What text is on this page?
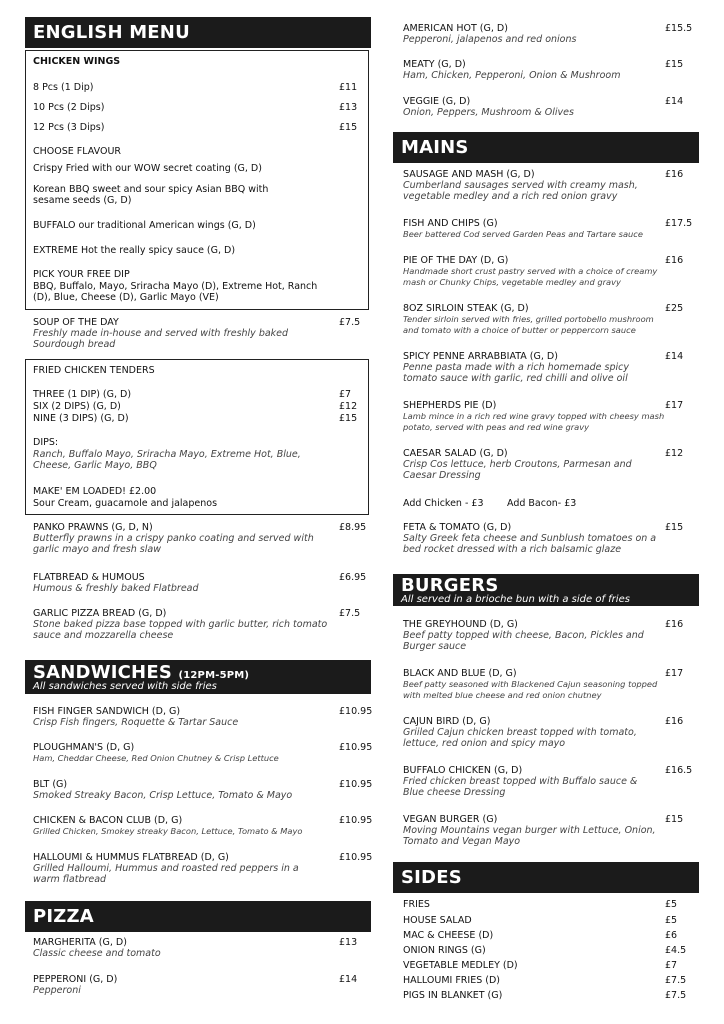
ENGLISH MENU
CHICKEN WINGS
8 Pcs (1 Dip)	£11
10 Pcs (2 Dips)	£13
12 Pcs (3 Dips)	£15
CHOOSE FLAVOUR
Crispy Fried with our WOW secret coating (G, D)
Korean BBQ sweet and sour spicy Asian BBQ with sesame seeds (G, D)
BUFFALO our traditional American wings (G, D)
EXTREME Hot the really spicy sauce (G, D)
PICK YOUR FREE DIP
BBQ, Buffalo, Mayo, Sriracha Mayo (D), Extreme Hot, Ranch (D), Blue, Cheese (D), Garlic Mayo (VE)
SOUP OF THE DAY
Freshly made in-house and served with freshly baked Sourdough bread
£7.5
FRIED CHICKEN TENDERS
THREE (1 DIP) (G, D)	£7
SIX (2 DIPS) (G, D)	£12
NINE (3 DIPS) (G, D)	£15
DIPS:
Ranch, Buffalo Mayo, Sriracha Mayo, Extreme Hot, Blue, Cheese, Garlic Mayo, BBQ
MAKE' EM LOADED! £2.00
Sour Cream, guacamole and jalapenos
PANKO PRAWNS (G, D, N)
Butterfly prawns in a crispy panko coating and served with garlic mayo and fresh slaw
£8.95
FLATBREAD & HUMOUS
Humous & freshly baked Flatbread
£6.95
GARLIC PIZZA BREAD (G, D)
Stone baked pizza base topped with garlic butter, rich tomato sauce and mozzarella cheese
£7.5
SANDWICHES (12PM-5PM)
All sandwiches served with side fries
FISH FINGER SANDWICH (D, G)
Crisp Fish fingers, Roquette & Tartar Sauce
£10.95
PLOUGHMAN'S (D, G)
Ham, Cheddar Cheese, Red Onion Chutney & Crisp Lettuce
£10.95
BLT (G)
Smoked Streaky Bacon, Crisp Lettuce, Tomato & Mayo
£10.95
CHICKEN & BACON CLUB (D, G)
Grilled Chicken, Smokey streaky Bacon, Lettuce, Tomato & Mayo
£10.95
HALLOUMI & HUMMUS FLATBREAD (D, G)
Grilled Halloumi, Hummus and roasted red peppers in a warm flatbread
£10.95
PIZZA
MARGHERITA (G, D)
Classic cheese and tomato
£13
PEPPERONI (G, D)
Pepperoni
£14
AMERICAN HOT (G, D)
Pepperoni, jalapenos and red onions
£15.5
MEATY (G, D)
Ham, Chicken, Pepperoni, Onion & Mushroom
£15
VEGGIE (G, D)
Onion, Peppers, Mushroom & Olives
£14
MAINS
SAUSAGE AND MASH (G, D)
Cumberland sausages served with creamy mash, vegetable medley and a rich red onion gravy
£16
FISH AND CHIPS (G)
Beer battered Cod served Garden Peas and Tartare sauce
£17.5
PIE OF THE DAY (D, G)
Handmade short crust pastry served with a choice of creamy mash or Chunky Chips, vegetable medley and gravy
£16
8OZ SIRLOIN STEAK (G, D)
Tender sirloin served with fries, grilled portobello mushroom and tomato with a choice of butter or peppercorn sauce
£25
SPICY PENNE ARRABBIATA (G, D)
Penne pasta made with a rich homemade spicy tomato sauce with garlic, red chilli and olive oil
£14
SHEPHERDS PIE (D)
Lamb mince in a rich red wine gravy topped with cheesy mash potato, served with peas and red wine gravy
£17
CAESAR SALAD (G, D)
Crisp Cos lettuce, herb Croutons, Parmesan and Caesar Dressing
£12
Add Chicken - £3 Add Bacon- £3
FETA & TOMATO (G, D)
Salty Greek feta cheese and Sunblush tomatoes on a bed rocket dressed with a rich balsamic glaze
£15
BURGERS
All served in a brioche bun with a side of fries
THE GREYHOUND (D, G)
Beef patty topped with cheese, Bacon, Pickles and Burger sauce
£16
BLACK AND BLUE (D, G)
Beef patty seasoned with Blackened Cajun seasoning topped with melted blue cheese and red onion chutney
£17
CAJUN BIRD (D, G)
Griiled Cajun chicken breast topped with tomato, lettuce, red onion and spicy mayo
£16
BUFFALO CHICKEN (G, D)
Fried chicken breast topped with Buffalo sauce & Blue cheese Dressing
£16.5
VEGAN BURGER (G)
Moving Mountains vegan burger with Lettuce, Onion, Tomato and Vegan Mayo
£15
SIDES
FRIES	£5
HOUSE SALAD	£5
MAC & CHEESE (D)	£6
ONION RINGS (G)	£4.5
VEGETABLE MEDLEY (D)	£7
HALLOUMI FRIES (D)	£7.5
PIGS IN BLANKET (G)	£7.5
